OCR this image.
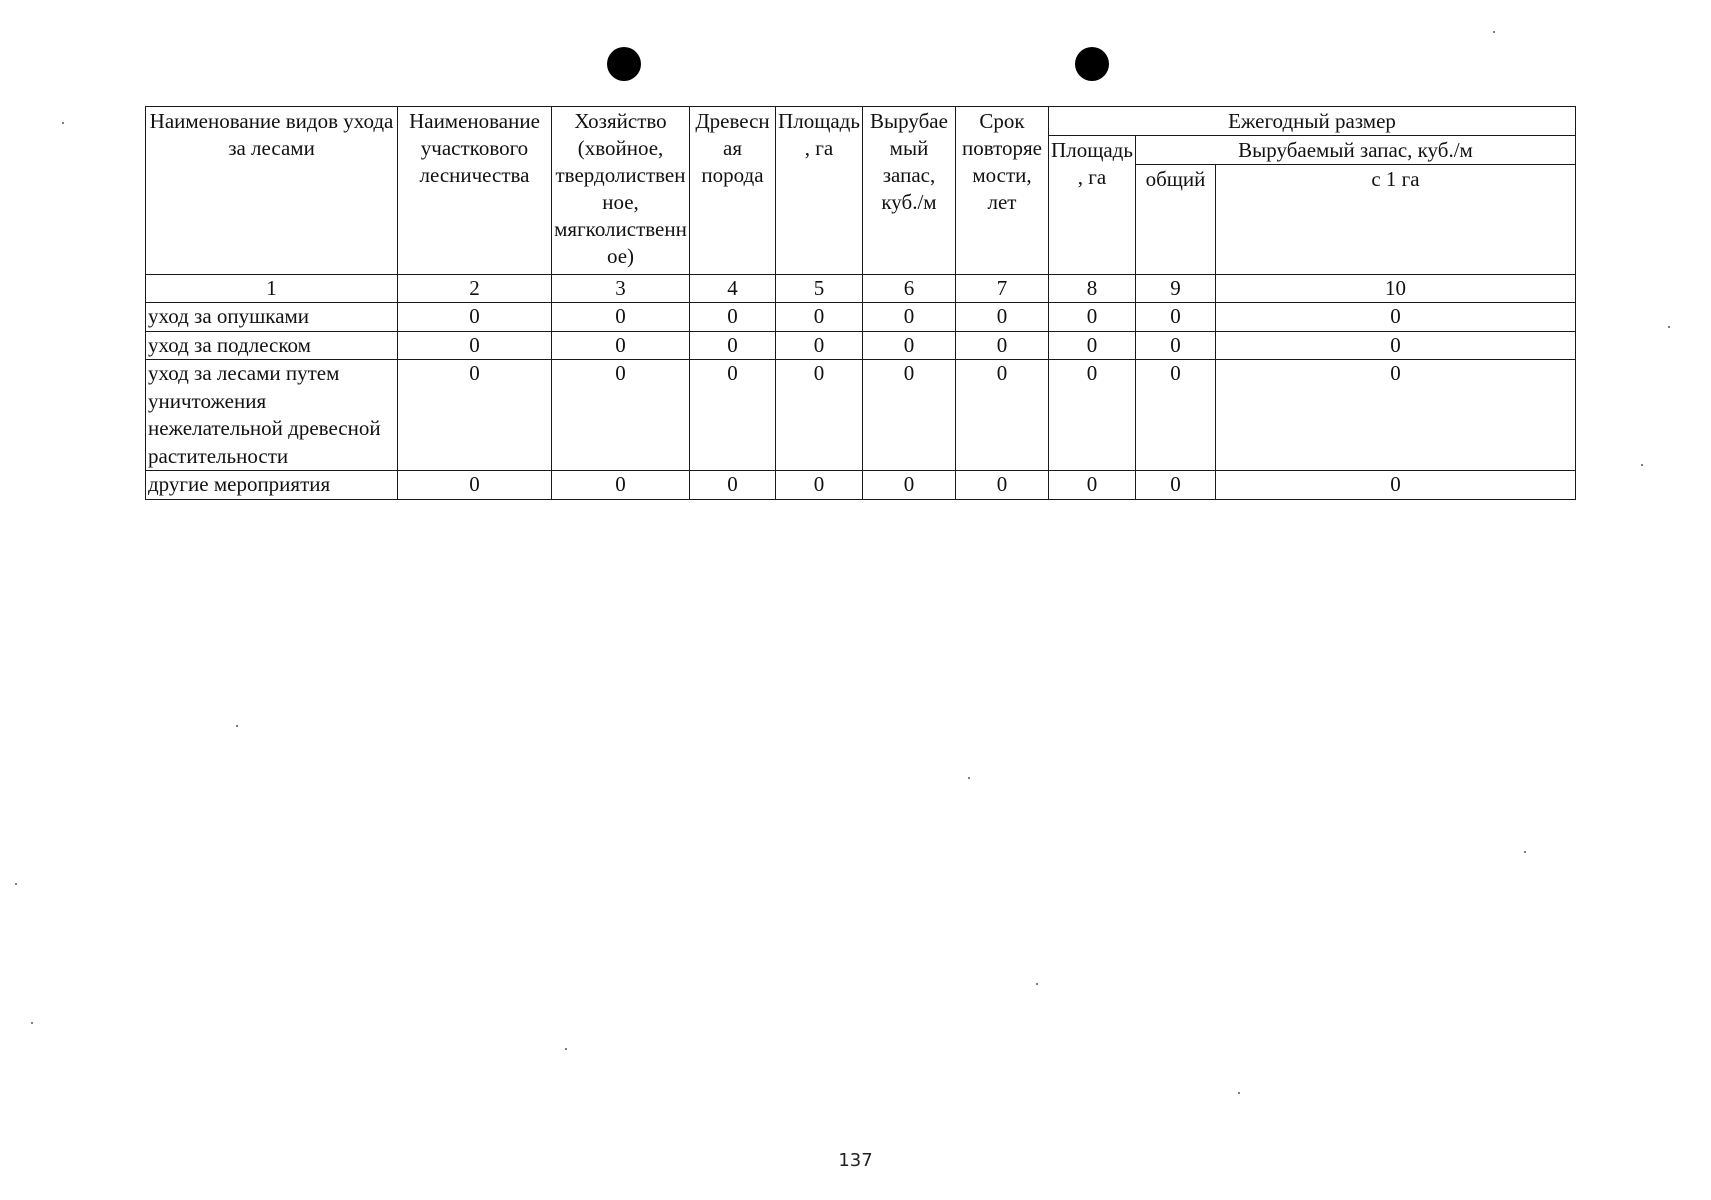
Наименование видов ухода за лесами	Наименование участкового лесничества	Хозяйство (хвойное, твердолиственное, мягколиственное)	Древесная порода	Площадь, га	Вырубаемый запас, куб./м	Срок повторяемости, лет	Ежегодный размер		
							Площадь, га	Вырубаемый запас, куб./м	
								общий	с 1 га
1	2	3	4	5	6	7	8	9	10
уход за опушками	0	0	0	0	0	0	0	0	0
уход за подлеском	0	0	0	0	0	0	0	0	0
уход за лесами путем уничтожения нежелательной древесной растительности	0	0	0	0	0	0	0	0	0
другие мероприятия	0	0	0	0	0	0	0	0	0
137
